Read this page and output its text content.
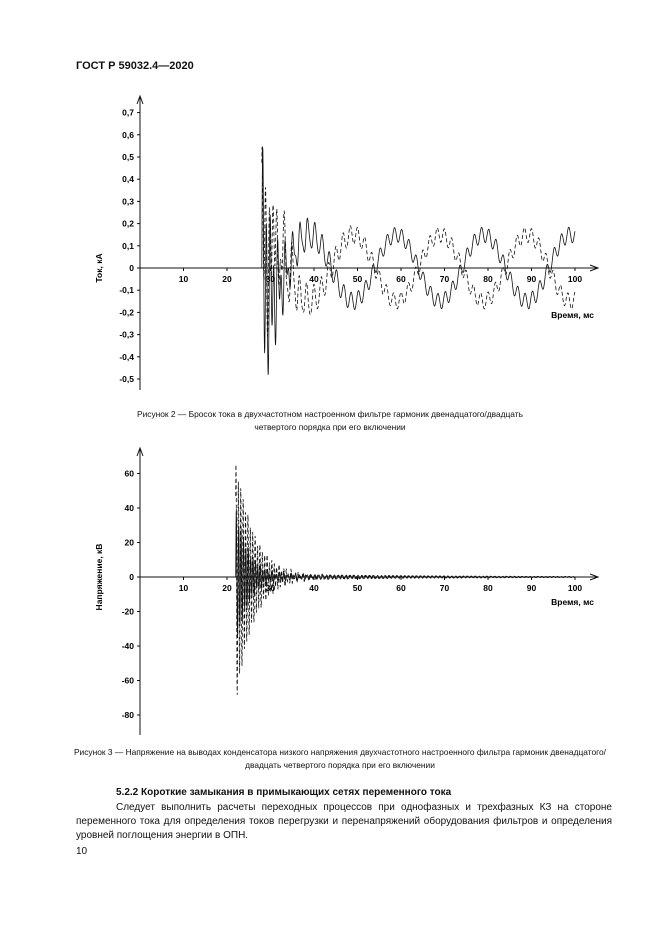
ГОСТ Р 59032.4—2020
10	20	30	40	50	60	70	80	90	100
0,7
0,6
0,5
0,4
0,3
0,2
0,1
0
-0,1
-0,2
-0,3
-0,4
-0,5
Время, мс
Ток, кА
Рисунок 2 — Бросок тока в двухчастотном настроенном фильтре гармоник двенадцатого/двадцать четвертого порядка при его включении
10	20	30	40	50	60	70	80	90	100
60
40
20
0
-20
-40
-60
-80
Время, мс
Напряжение, кВ
Рисунок 3 — Напряжение на выводах конденсатора низкого напряжения двухчастотного настроенного фильтра гармоник двенадцатого/двадцать четвертого порядка при его включении
5.2.2 Короткие замыкания в примыкающих сетях переменного тока
Следует выполнить расчеты переходных процессов при однофазных и трехфазных КЗ на стороне переменного тока для определения токов перегрузки и перенапряжений оборудования фильтров и определения уровней поглощения энергии в ОПН.
10
